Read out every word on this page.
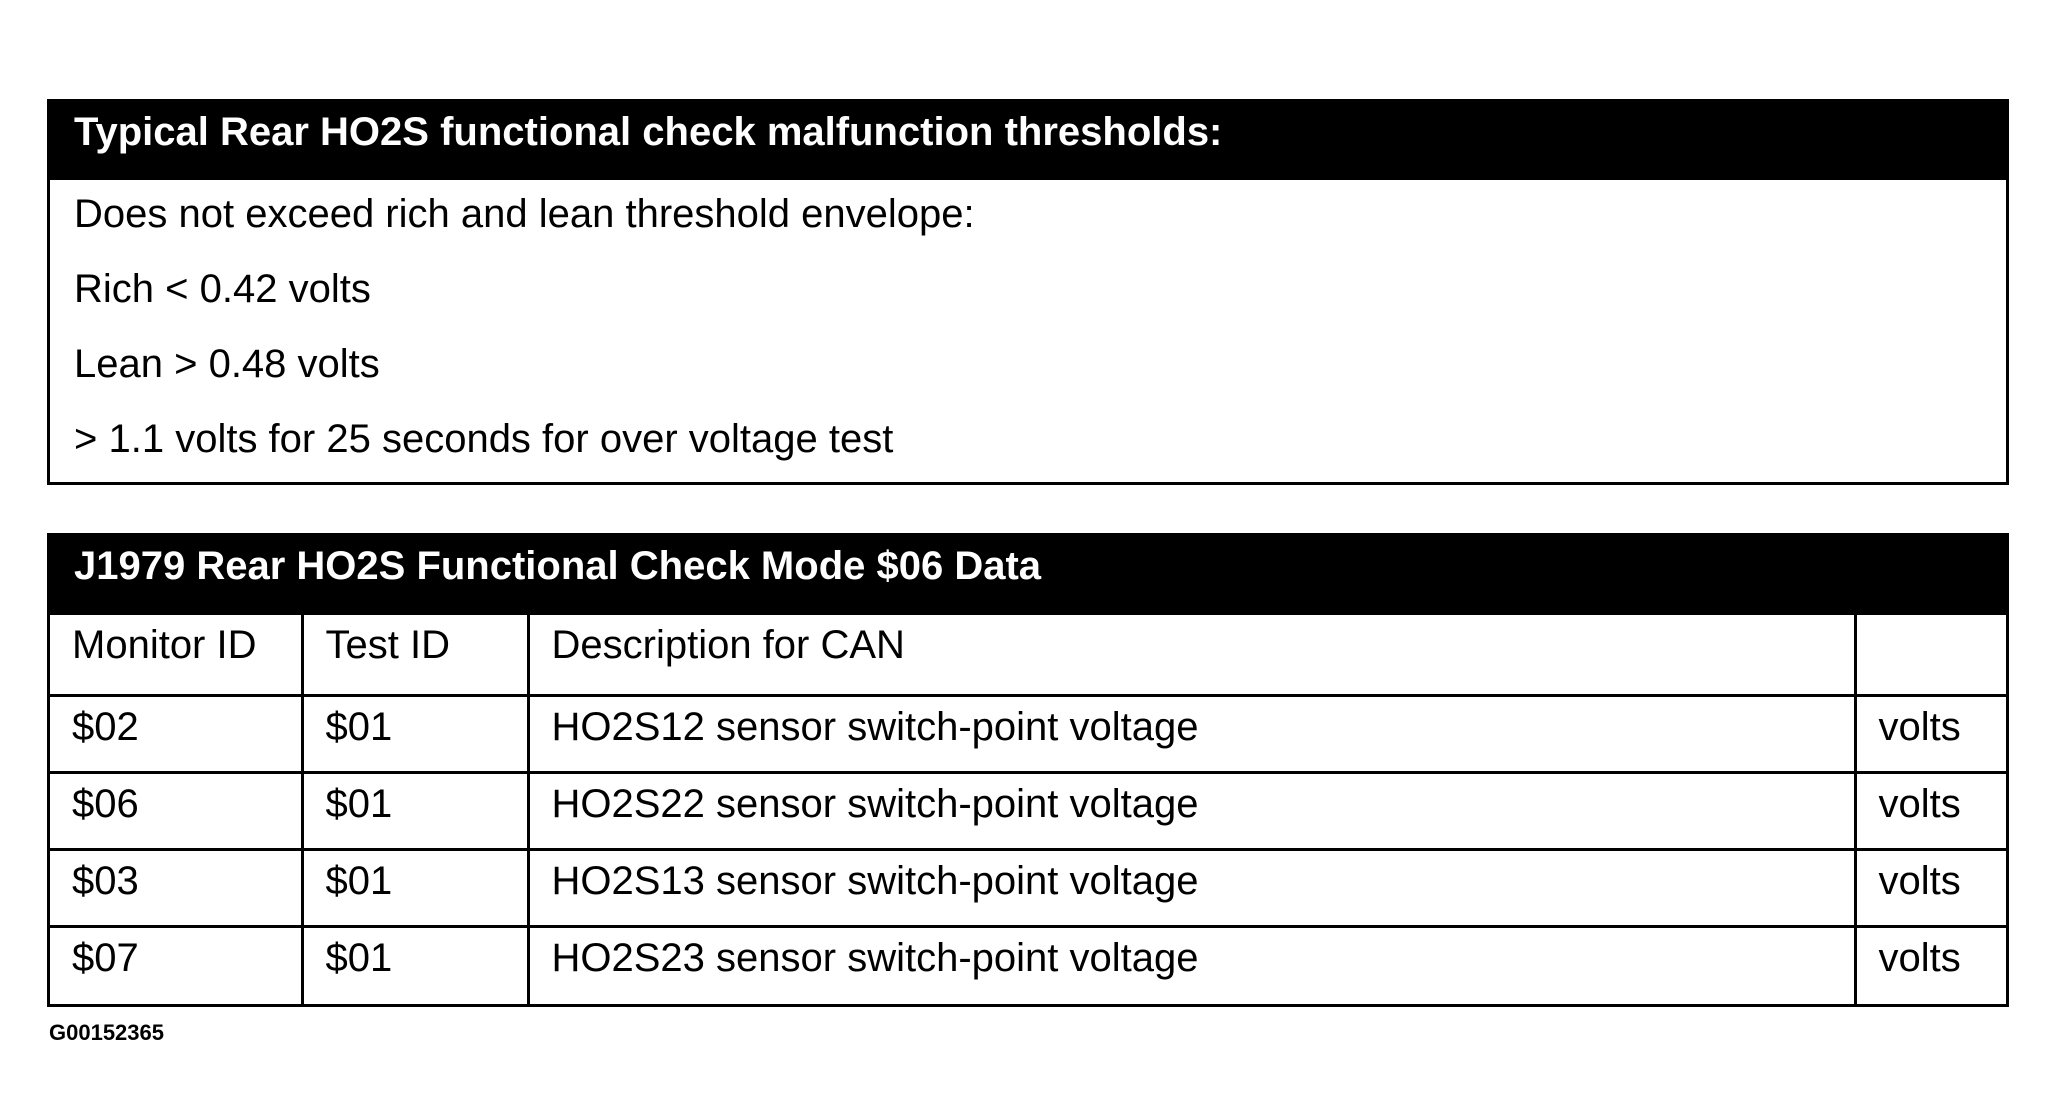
Typical Rear HO2S functional check malfunction thresholds:
Does not exceed rich and lean threshold envelope:
Rich < 0.42 volts
Lean > 0.48 volts
> 1.1 volts for 25 seconds for over voltage test
J1979 Rear HO2S Functional Check Mode $06 Data
Monitor ID	Test ID	Description for CAN	
$02	$01	HO2S12 sensor switch-point voltage	volts
$06	$01	HO2S22 sensor switch-point voltage	volts
$03	$01	HO2S13 sensor switch-point voltage	volts
$07	$01	HO2S23 sensor switch-point voltage	volts
G00152365
